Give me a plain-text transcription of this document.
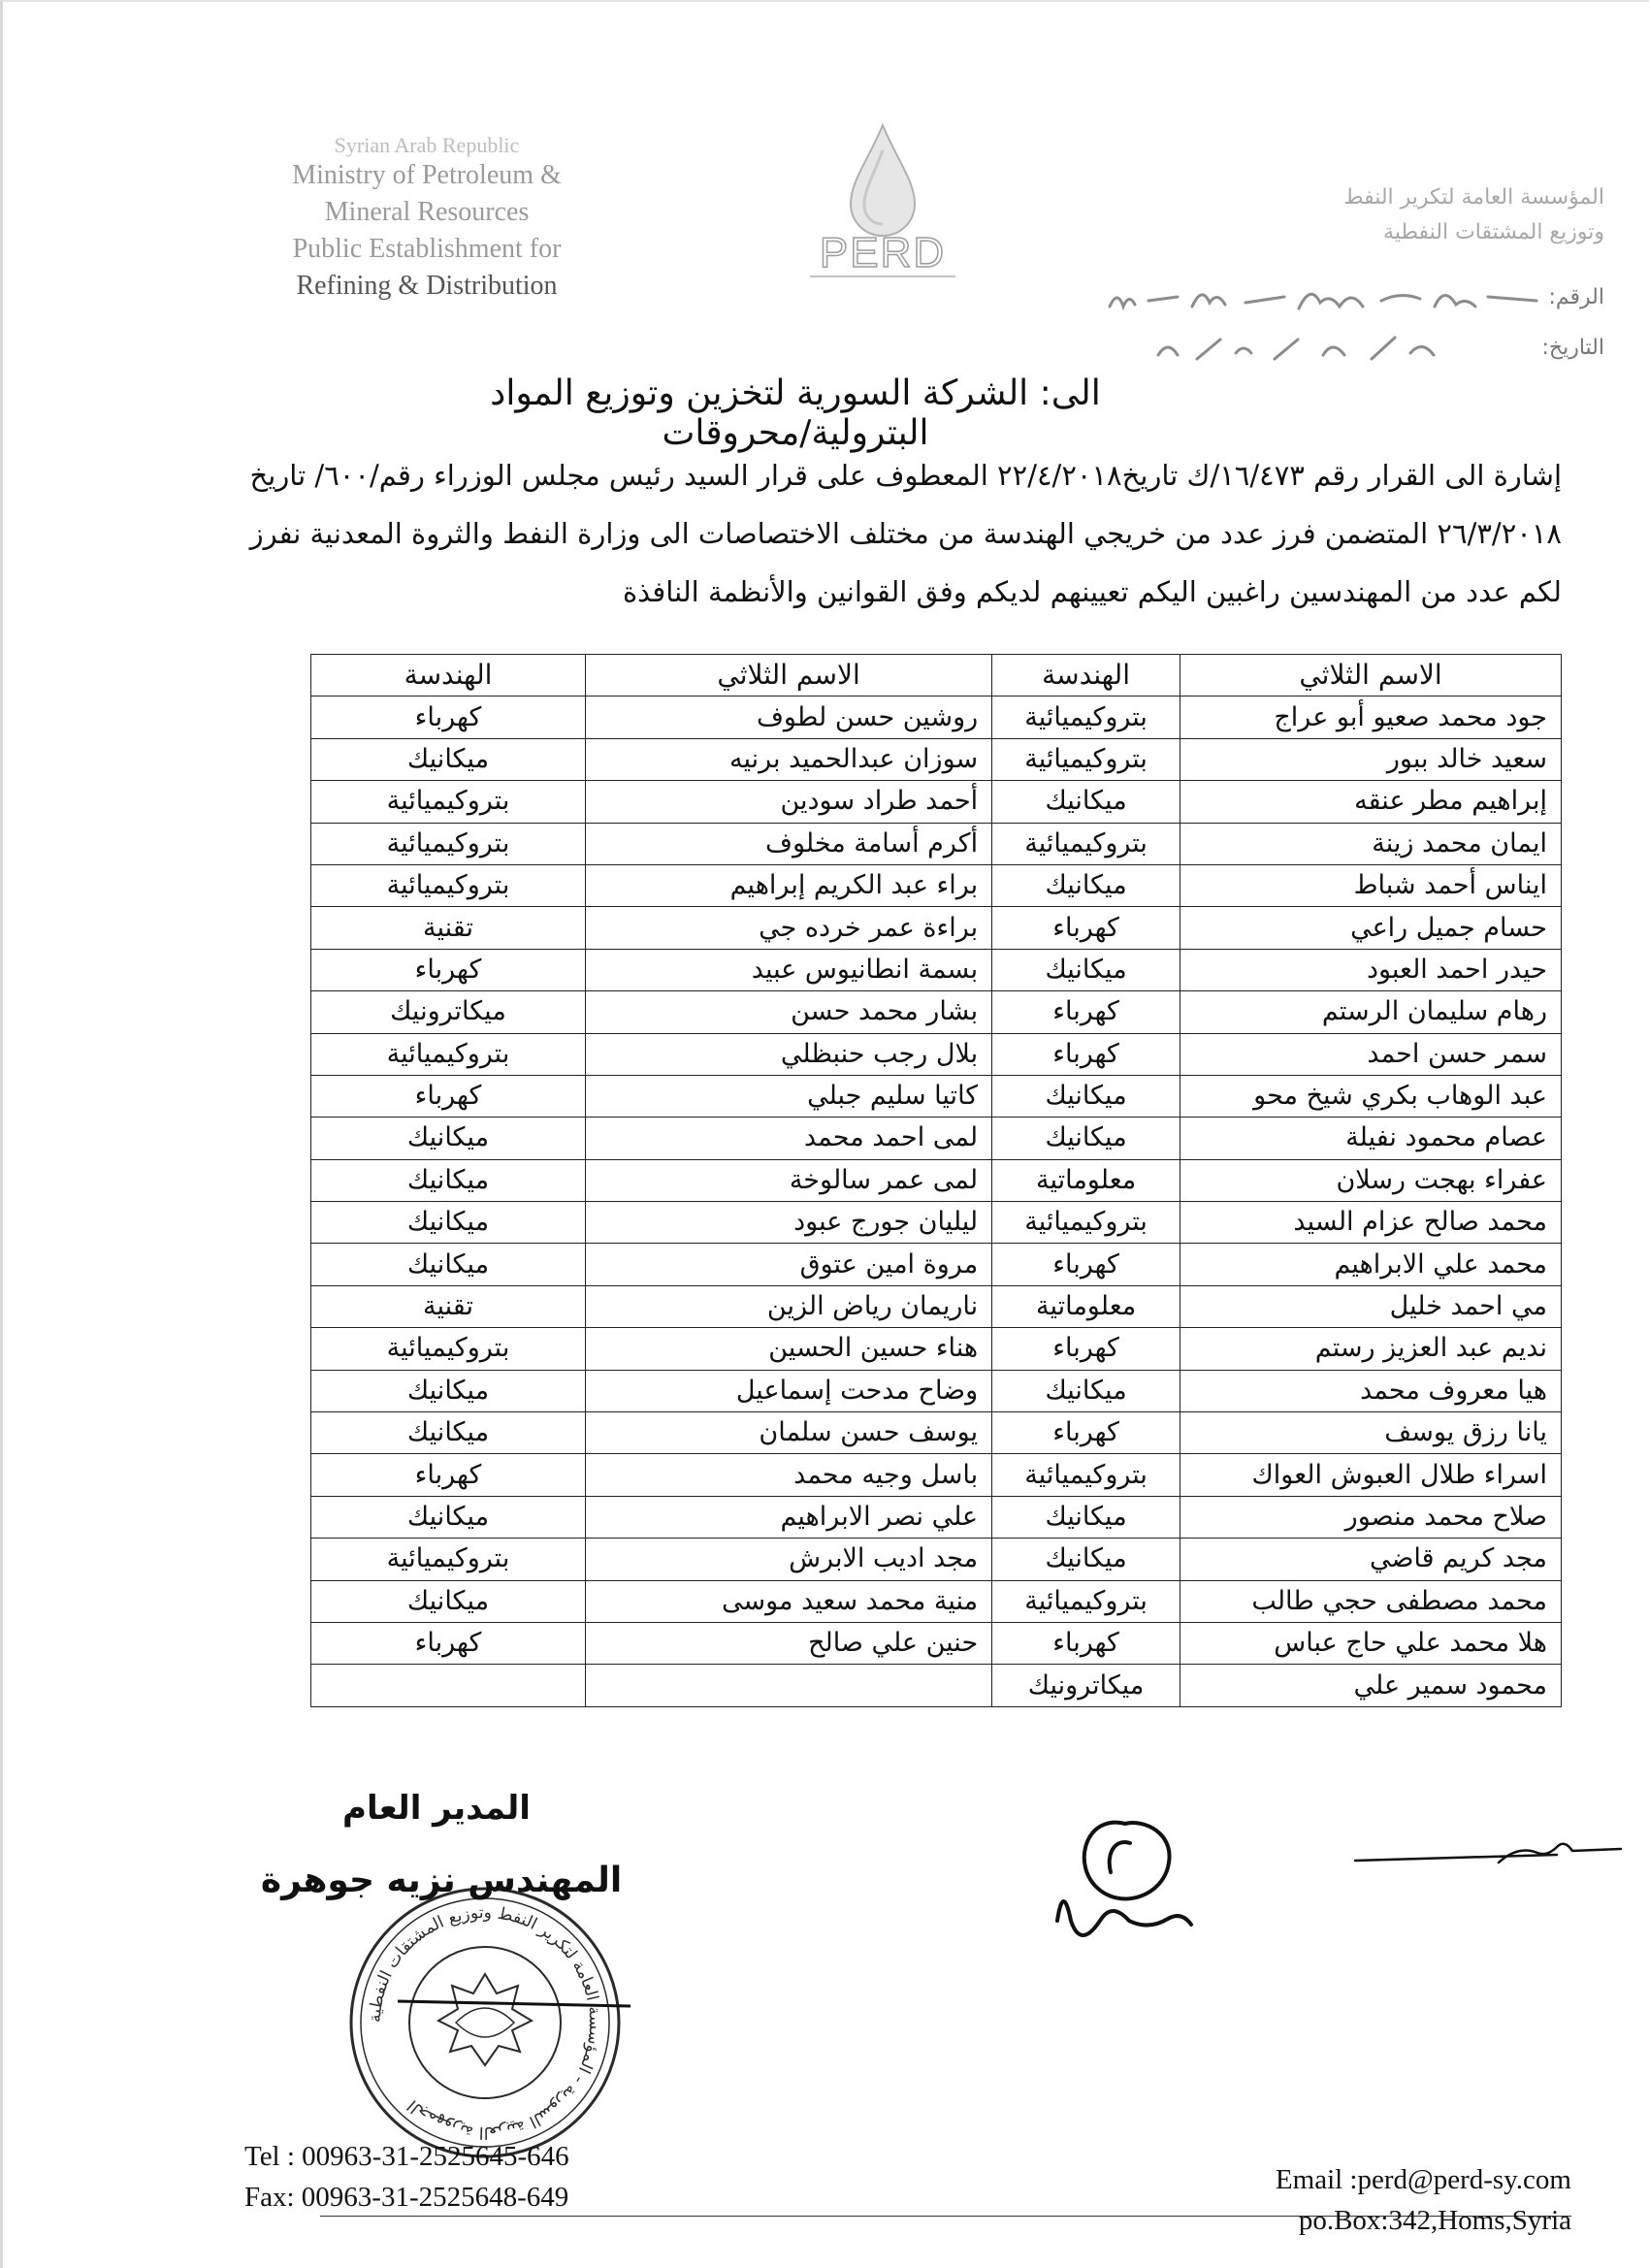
Syrian Arab Republic
Ministry of Petroleum &
Mineral Resources
Public Establishment for
Refining & Distribution
PERD
المؤسسة العامة لتكرير النفط
وتوزيع المشتقات النفطية
الرقم:
التاريخ:
الى: الشركة السورية لتخزين وتوزيع المواد البترولية/محروقات
إشارة الى القرار رقم ١٦/٤٧٣/ك تاريخ٢٢/٤/٢٠١٨ المعطوف على قرار السيد رئيس مجلس الوزراء رقم/٦٠٠/ تاريخ ٢٦/٣/٢٠١٨ المتضمن فرز عدد من خريجي الهندسة من مختلف الاختصاصات الى وزارة النفط والثروة المعدنية نفرز لكم عدد من المهندسين راغبين اليكم تعيينهم لديكم وفق القوانين والأنظمة النافذة
الاسم الثلاثي	الهندسة	الاسم الثلاثي	الهندسة
جود محمد صعيو أبو عراج	بتروكيميائية	روشين حسن لطوف	كهرباء
سعيد خالد ببور	بتروكيميائية	سوزان عبدالحميد برنيه	ميكانيك
إبراهيم مطر عنقه	ميكانيك	أحمد طراد سودين	بتروكيميائية
ايمان محمد زينة	بتروكيميائية	أكرم أسامة مخلوف	بتروكيميائية
ايناس أحمد شباط	ميكانيك	براء عبد الكريم إبراهيم	بتروكيميائية
حسام جميل راعي	كهرباء	براءة عمر خرده جي	تقنية
حيدر احمد العبود	ميكانيك	بسمة انطانيوس عبيد	كهرباء
رهام سليمان الرستم	كهرباء	بشار محمد حسن	ميكاترونيك
سمر حسن احمد	كهرباء	بلال رجب حنبظلي	بتروكيميائية
عبد الوهاب بكري شيخ محو	ميكانيك	كاتيا سليم جبلي	كهرباء
عصام محمود نفيلة	ميكانيك	لمى احمد محمد	ميكانيك
عفراء بهجت رسلان	معلوماتية	لمى عمر سالوخة	ميكانيك
محمد صالح عزام السيد	بتروكيميائية	ليليان جورج عبود	ميكانيك
محمد علي الابراهيم	كهرباء	مروة امين عتوق	ميكانيك
مي احمد خليل	معلوماتية	ناريمان رياض الزين	تقنية
نديم عبد العزيز رستم	كهرباء	هناء حسين الحسين	بتروكيميائية
هيا معروف محمد	ميكانيك	وضاح مدحت إسماعيل	ميكانيك
يانا رزق يوسف	كهرباء	يوسف حسن سلمان	ميكانيك
اسراء طلال العبوش العواك	بتروكيميائية	باسل وجيه محمد	كهرباء
صلاح محمد منصور	ميكانيك	علي نصر الابراهيم	ميكانيك
مجد كريم قاضي	ميكانيك	مجد اديب الابرش	بتروكيميائية
محمد مصطفى حجي طالب	بتروكيميائية	منية محمد سعيد موسى	ميكانيك
هلا محمد علي حاج عباس	كهرباء	حنين علي صالح	كهرباء
محمود سمير علي	ميكاترونيك		
المدير العام
الجمهورية العربية السورية - المؤسسة العامة لتكرير النفط وتوزيع المشتقات النفطية
المهندس نزيه جوهرة
Tel : 00963-31-2525645-646
Fax: 00963-31-2525648-649
Email :perd@perd-sy.com
po.Box:342,Homs,Syria
